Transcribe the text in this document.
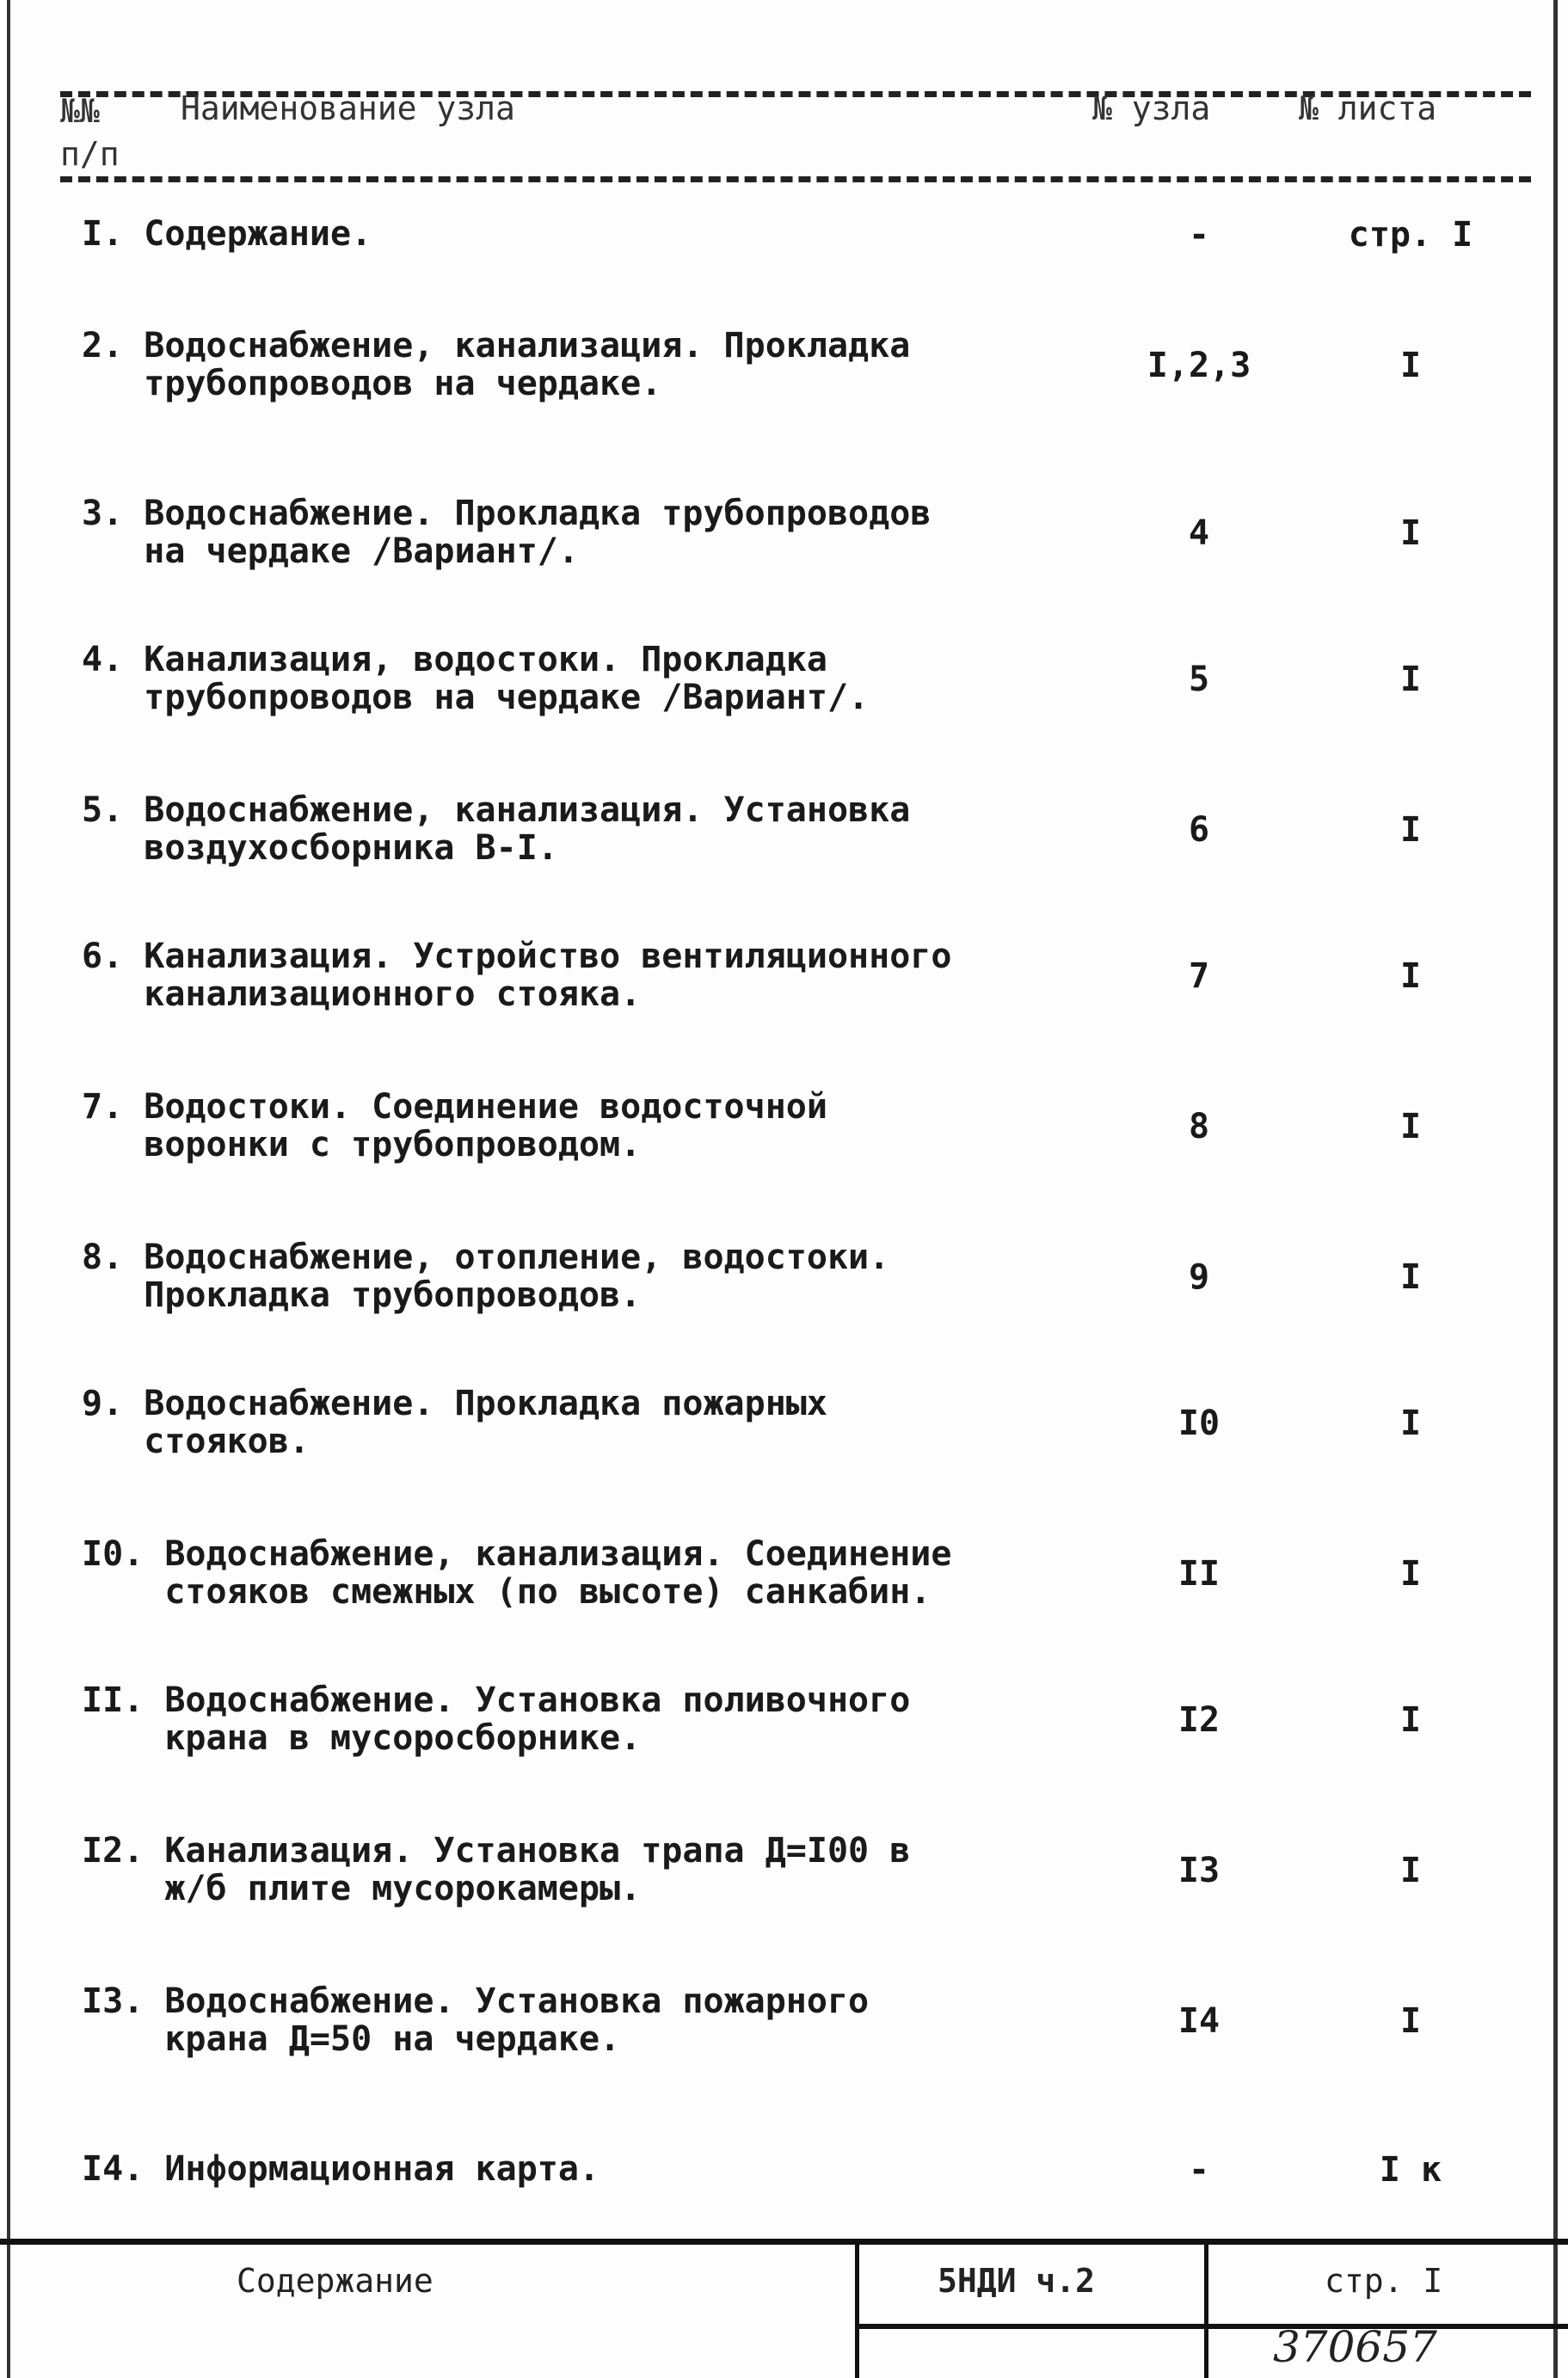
№№ п/п
Наименование узла	№ узла	№ листа
I. Содержание.	-	стр. I
2. Водоснабжение, канализация. Прокладка
трубопроводов на чердаке.	I,2,3	I
3. Водоснабжение. Прокладка трубопроводов
на чердаке /Вариант/.	4	I
4. Канализация, водостоки. Прокладка
трубопроводов на чердаке /Вариант/.	5	I
5. Водоснабжение, канализация. Установка
воздухосборника В-I.	6	I
6. Канализация. Устройство вентиляционного
канализационного стояка.	7	I
7. Водостоки. Соединение водосточной
воронки с трубопроводом.	8	I
8. Водоснабжение, отопление, водостоки.
Прокладка трубопроводов.	9	I
9. Водоснабжение. Прокладка пожарных
стояков.	I0	I
I0. Водоснабжение, канализация. Соединение
стояков смежных (по высоте) санкабин.	II	I
II. Водоснабжение. Установка поливочного
крана в мусоросборнике.	I2	I
I2. Канализация. Установка трапа Д=I00 в
ж/б плите мусорокамеры.	I3	I
I3. Водоснабжение. Установка пожарного
крана Д=50 на чердаке.	I4	I
I4. Информационная карта.	-	I к
Содержание	5НДИ ч.2	стр. I
370657
